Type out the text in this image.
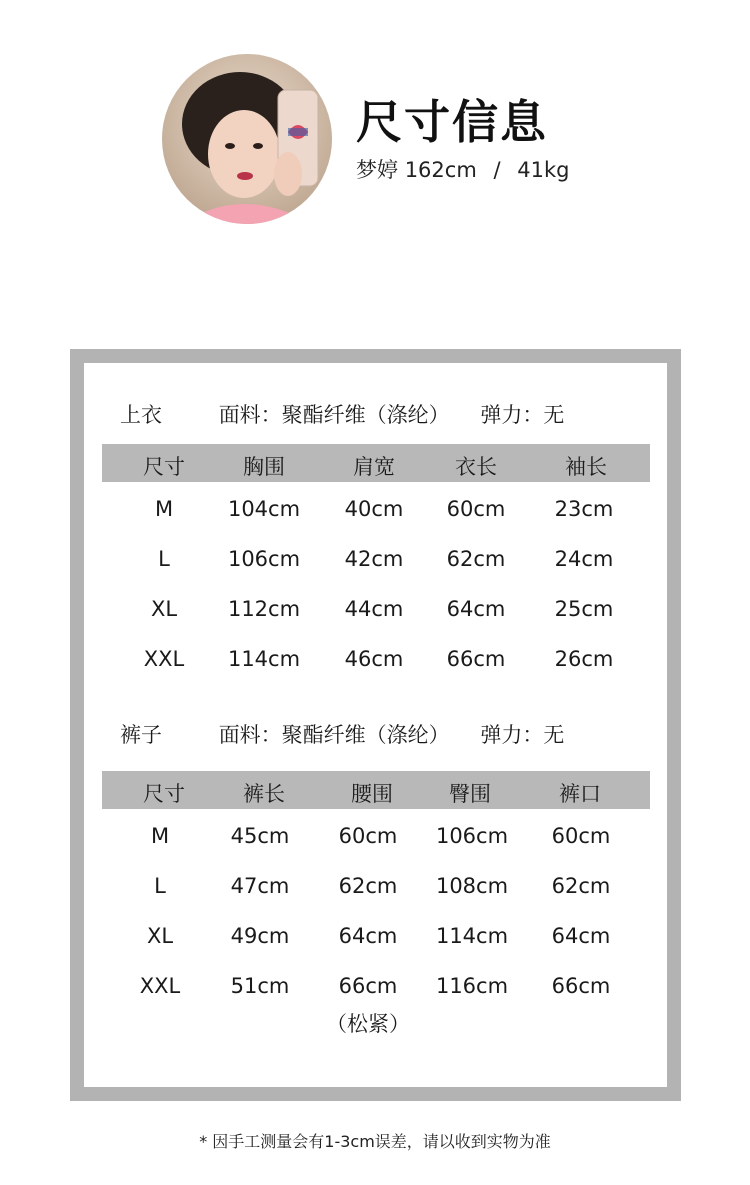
尺寸信息
梦婷 162cm / 41kg
上衣	面料：聚酯纤维（涤纶） 弹力：无
尺寸	胸围	肩宽	衣长	袖长
M	104cm	40cm	60cm	23cm
L	106cm	42cm	62cm	24cm
XL	112cm	44cm	64cm	25cm
XXL	114cm	46cm	66cm	26cm
裤子	面料：聚酯纤维（涤纶） 弹力：无
尺寸	裤长	腰围	臀围	裤口
M	45cm	60cm	106cm	60cm
L	47cm	62cm	108cm	62cm
XL	49cm	64cm	114cm	64cm
XXL	51cm	66cm	116cm	66cm
（松紧）
* 因手工测量会有1-3cm误差，请以收到实物为准
